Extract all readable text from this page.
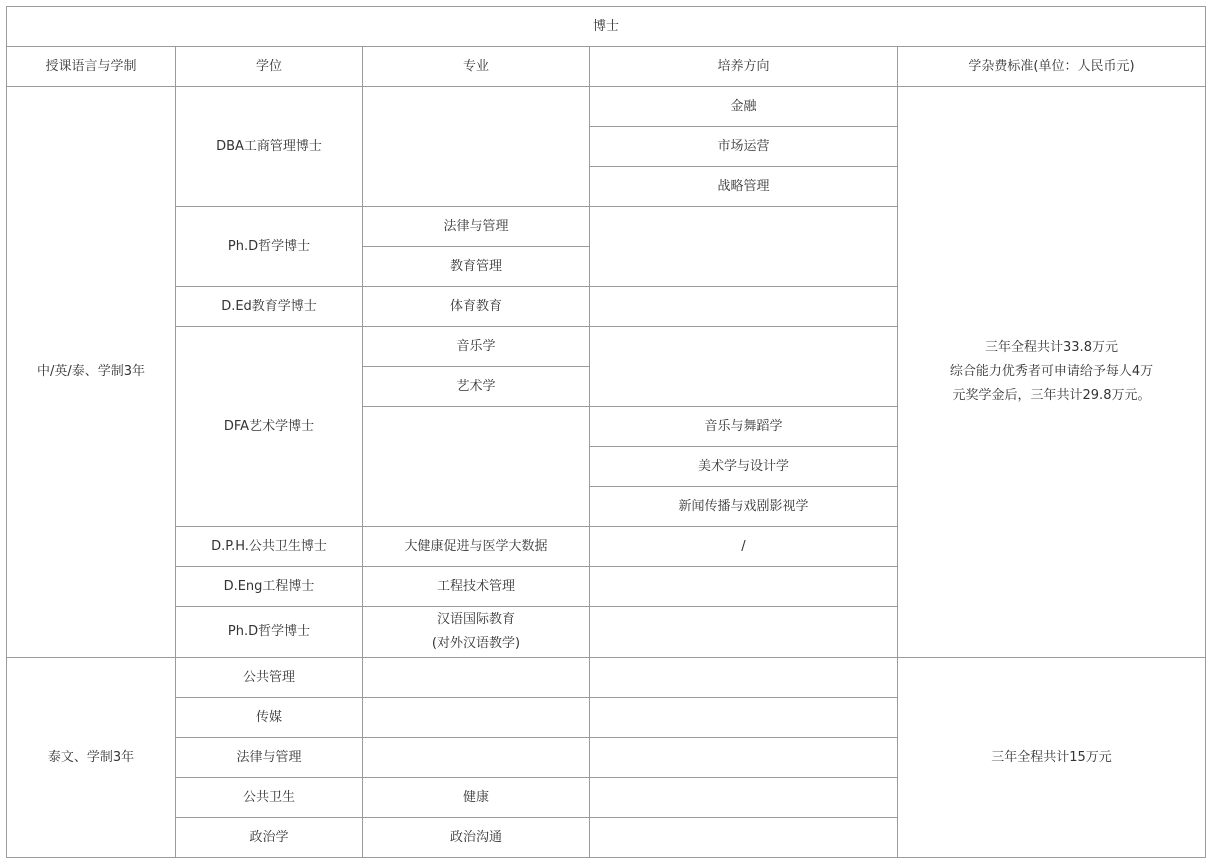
博士				
授课语言与学制	学位	专业	培养方向	学杂费标准(单位：人民币元)
中/英/泰、学制3年	DBA工商管理博士		金融	三年全程共计33.8万元
综合能力优秀者可申请给予每人4万
元奖学金后，三年共计29.8万元。

			市场运营	
			战略管理	
	Ph.D哲学博士	法律与管理		
		教育管理		
	D.Ed教育学博士	体育教育		
	DFA艺术学博士	音乐学		
		艺术学		
			音乐与舞蹈学	
			美术学与设计学	
			新闻传播与戏剧影视学	
	D.P.H.公共卫生博士	大健康促进与医学大数据	/	
	D.Eng工程博士	工程技术管理		
	Ph.D哲学博士	汉语国际教育
(对外汉语教学)		

泰文、学制3年	公共管理			三年全程共计15万元
	传媒			
	法律与管理			
	公共卫生	健康		
	政治学	政治沟通		
